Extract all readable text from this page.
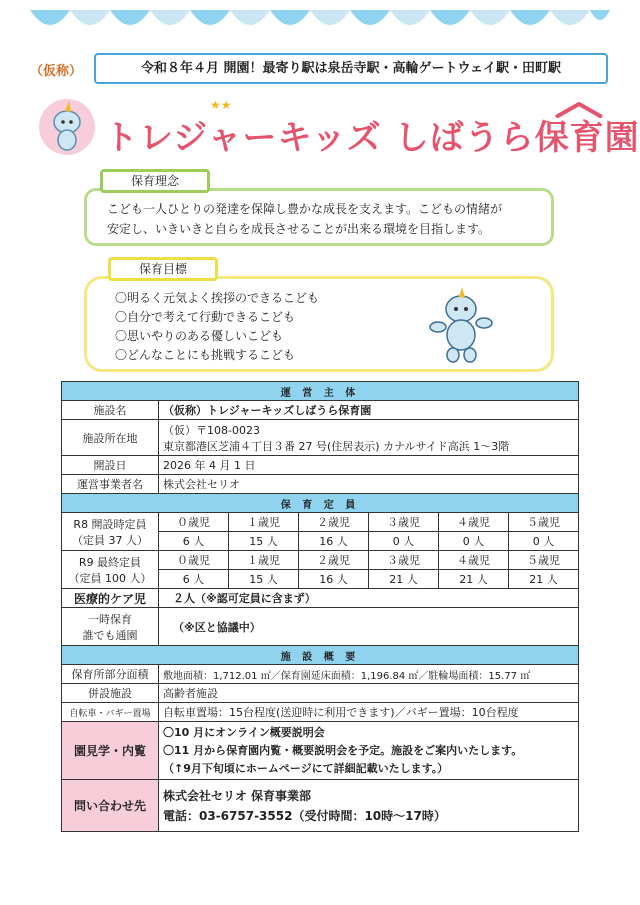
（仮称）	令和８年４月 開園！最寄り駅は泉岳寺駅・高輪ゲートウェイ駅・田町駅
★★
トレジャーキッズ しばうら保育園
保育理念
こども一人ひとりの発達を保障し豊かな成長を支えます。こどもの情緒が
安定し、いきいきと自らを成長させることが出来る環境を目指します。
保育目標
〇明るく元気よく挨拶のできるこども
〇自分で考えて行動できるこども
〇思いやりのある優しいこども
〇どんなことにも挑戦するこども
運 営 主 体						
施設名	（仮称）トレジャーキッズしばうら保育園					
施設所在地	（仮）〒108-0023
東京都港区芝浦４丁目３番 27 号(住居表示) カナルサイド高浜 1～3階					

開設日	2026 年 4 月 1 日					
運営事業者名	株式会社セリオ					
保 育 定 員						

R8 開設時定員
（定員 37 人）	０歳児	１歳児	２歳児	３歳児	４歳児	５歳児
	6 人	15 人	16 人	0 人	0 人	0 人

R9 最終定員
（定員 100 人）	０歳児	１歳児	２歳児	３歳児	４歳児	５歳児
	6 人	15 人	16 人	21 人	21 人	21 人
医療的ケア児	２人（※認可定員に含まず）					

一時保育
誰でも通園	（※区と協議中）					
施 設 概 要						
保育所部分面積	敷地面積：1,712.01 ㎡／保育園延床面積：1,196.84 ㎡／駐輪場面積：15.77 ㎡					
併設施設	高齢者施設					
自転車・バギー置場	自転車置場：15台程度(送迎時に利用できます)／バギー置場：10台程度					
園見学・内覧	〇10 月にオンライン概要説明会
〇11 月から保育園内覧・概要説明会を予定。施設をご案内いたします。
（↑9月下旬頃にホームページにて詳細記載いたします。）					

問い合わせ先	株式会社セリオ 保育事業部
電話：03-6757-3552（受付時間：10時～17時）					
